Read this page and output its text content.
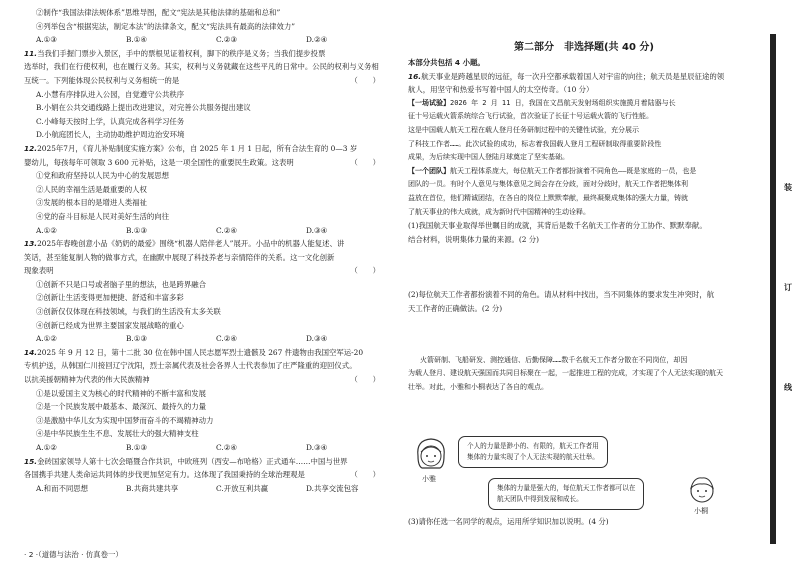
②制作“我国法律法规体系”思维导图，配文“宪法是其他法律的基础和总和”
④列举包含“根据宪法，制定本法”的法律条文，配文“宪法具有最高的法律效力”
A.①③	B.①④	C.②③	D.②④
11.当我们手握门票步入景区，手中的票根见证着权利，脚下的秩序是义务；当我们提步投票
选举时，我们在行使权利，也在履行义务。其实，权利与义务就藏在这些平凡的日常中。公民的权利与义务相
互统一。下列能体现公民权利与义务相统一的是	（　　）
A.小慧有序排队进入公园，自觉遵守公共秩序
B.小娟在公共交通线路上提出改进建议，对完善公共服务提出建议
C.小峰每天按时上学，认真完成各科学习任务
D.小航庭团长人，主动协助维护周边治安环境
12.2025年7月，《育儿补贴制度实施方案》公布，自 2025 年 1 月 1 日起，所有合法生育的 0—3 岁
婴幼儿，每孩每年可领取 3 600 元补贴，这是一项全国性的重要民生政策。这表明	（　　）
①党和政府坚持以人民为中心的发展思想
②人民的幸福生活是最重要的人权
③发展的根本目的是增进人类福祉
④党的奋斗目标是人民对美好生活的向往
A.①②	B.①③	C.②④	D.③④
13.2025年春晚创意小品《奶奶的最爱》围绕“机器人陪伴老人”展开。小品中的机器人能复述、讲
笑话，甚至能复制人物的做事方式，在幽默中展现了科技养老与亲情陪伴的关系。这一文化创新
现象表明	（　　）
①创新不只是口号或者脑子里的想法，也是跨界融合
②创新让生活变得更加便捷、舒适和丰富多彩
③创新仅仅体现在科技领域，与我们的生活没有太多关联
④创新已经成为世界主要国家发展战略的重心
A.①②	B.①③	C.②④	D.③④
14.2025 年 9 月 12 日，第十二批 30 位在韩中国人民志愿军烈士遗骸及 267 件遗物由我国空军运-20
专机护送，从韩国仁川接回辽宁沈阳，烈士亲属代表及社会各界人士代表参加了庄严隆重的迎回仪式。
以抗美援朝精神为代表的伟大民族精神	（　　）
①是以爱国主义为核心的时代精神的不断丰富和发展
②是一个民族发展中最基本、最深沉、最持久的力量
③是激励中华儿女为实现中国梦而奋斗的不竭精神动力
④是中华民族生生不息、发展壮大的强大精神支柱
A.①②	B.①③	C.②④	D.③④
15.金砖国家领导人第十七次会晤暨合作共识，中欧班列（西安—布哈格）正式通车……中国与世界
各国携手共建人类命运共同体的步伐更加坚定有力。这体现了我国秉持的全球治理观是	（　　）
A.和而不同思想	B.共商共建共享	C.开放互利共赢	D.共享交流包容
· 2 ·（道德与法治 · 仿真卷一）
第二部分　非选择题(共 40 分)
本部分共包括 4 小题。
16.航天事业是跨越星辰的远征，每一次升空都承载着国人对宇宙的向往；航天员是星辰征途的领
航人，用坚守和热爱书写着中国人的太空传奇。（10 分）
【一场试验】2026 年 2 月 11 日，我国在文昌航天发射场组织实施揽月着陆器与长
征十号运载火箭系统综合飞行试验，首次验证了长征十号运载火箭的飞行性能。
这是中国载人航天工程在载人登月任务研制过程中的关键性试验，充分展示
了科技工作者……。此次试验的成功，标志着我国载人登月工程研制取得重要阶段性
成果，为后续实现中国人登陆月球奠定了坚实基础。
【一个团队】航天工程体系庞大，每位航天工作者都扮演着不同角色——既是家庭的一员，也是
团队的一员。有时个人意见与集体意见之间会存在分歧，面对分歧时，航天工作者把集体利
益放在首位，他们精诚团结，在各自的岗位上默默奉献，最终凝聚成集体的强大力量，铸就
了航天事业的伟大成就，成为新时代中国精神的生动诠释。
(1)我国航天事业取得举世瞩目的成就，其背后是数千名航天工作者的分工协作、默默奉献。
结合材料，说明集体力量的来源。(2 分)
(2)每位航天工作者都扮演着不同的角色。请从材料中找出，当不同集体的要求发生冲突时，航
天工作者的正确做法。(2 分)
火箭研制、飞船研发、测控通信、后勤保障……数千名航天工作者分散在不同岗位，却因
为载人登月、建设航天强国而共同目标聚在一起，一起推进工程的完成，才实现了个人无法实现的航天
壮举。对此，小雅和小桐表达了各自的观点。
小雅
个人的力量是渺小的、有限的，航天工作者用
集体的力量实现了个人无法实现的航天壮举。
集体的力量是强大的，每位航天工作者都可以在
航天团队中得到发展和成长。
小桐
(3)请你任选一名同学的观点，运用所学知识加以说明。(4 分)
装
订
线
